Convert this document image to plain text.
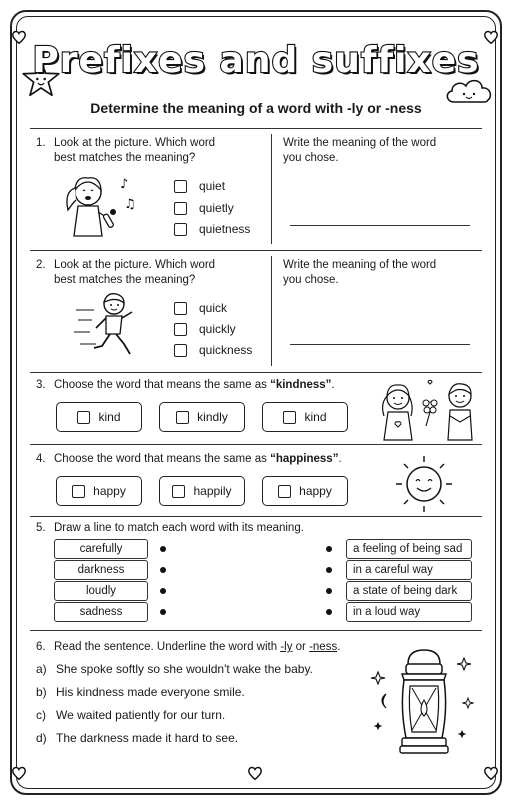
Prefixes and suffixes
Determine the meaning of a word with -ly or -ness
1. Look at the picture. Which word
best matches the meaning?
Write the meaning of the word
you chose.
♪
♫
quiet
quietly
quietness
2. Look at the picture. Which word
best matches the meaning?
Write the meaning of the word
you chose.
quick
quickly
quickness
3. Choose the word that means the same as “kindness”.
kind	kindly	kind
4. Choose the word that means the same as “happiness”.
happy	happily	happy
5. Draw a line to match each word with its meaning.
carefully
darkness
loudly
sadness
a feeling of being sad
in a careful way
a state of being dark
in a loud way
6. Read the sentence. Underline the word with -ly or -ness.
a) She spoke softly so she wouldn't wake the baby.
b) His kindness made everyone smile.
c) We waited patiently for our turn.
d) The darkness made it hard to see.
